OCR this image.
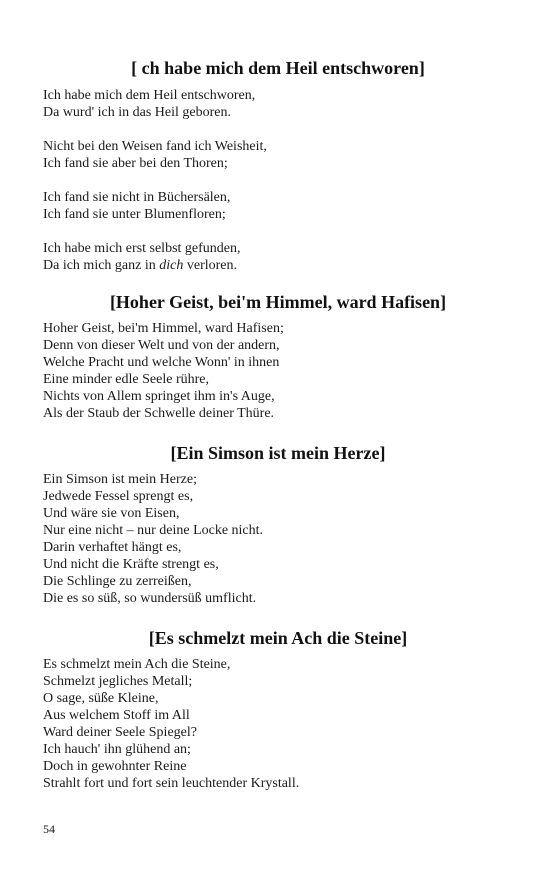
[ ch habe mich dem Heil entschworen]
Ich habe mich dem Heil entschworen,
Da wurd' ich in das Heil geboren.
Nicht bei den Weisen fand ich Weisheit,
Ich fand sie aber bei den Thoren;
Ich fand sie nicht in Büchersälen,
Ich fand sie unter Blumenfloren;
Ich habe mich erst selbst gefunden,
Da ich mich ganz in dich verloren.
[Hoher Geist, bei'm Himmel, ward Hafisen]
Hoher Geist, bei'm Himmel, ward Hafisen;
Denn von dieser Welt und von der andern,
Welche Pracht und welche Wonn' in ihnen
Eine minder edle Seele rühre,
Nichts von Allem springet ihm in's Auge,
Als der Staub der Schwelle deiner Thüre.
[Ein Simson ist mein Herze]
Ein Simson ist mein Herze;
Jedwede Fessel sprengt es,
Und wäre sie von Eisen,
Nur eine nicht – nur deine Locke nicht.
Darin verhaftet hängt es,
Und nicht die Kräfte strengt es,
Die Schlinge zu zerreißen,
Die es so süß, so wundersüß umflicht.
[Es schmelzt mein Ach die Steine]
Es schmelzt mein Ach die Steine,
Schmelzt jegliches Metall;
O sage, süße Kleine,
Aus welchem Stoff im All
Ward deiner Seele Spiegel?
Ich hauch' ihn glühend an;
Doch in gewohnter Reine
Strahlt fort und fort sein leuchtender Krystall.
54
